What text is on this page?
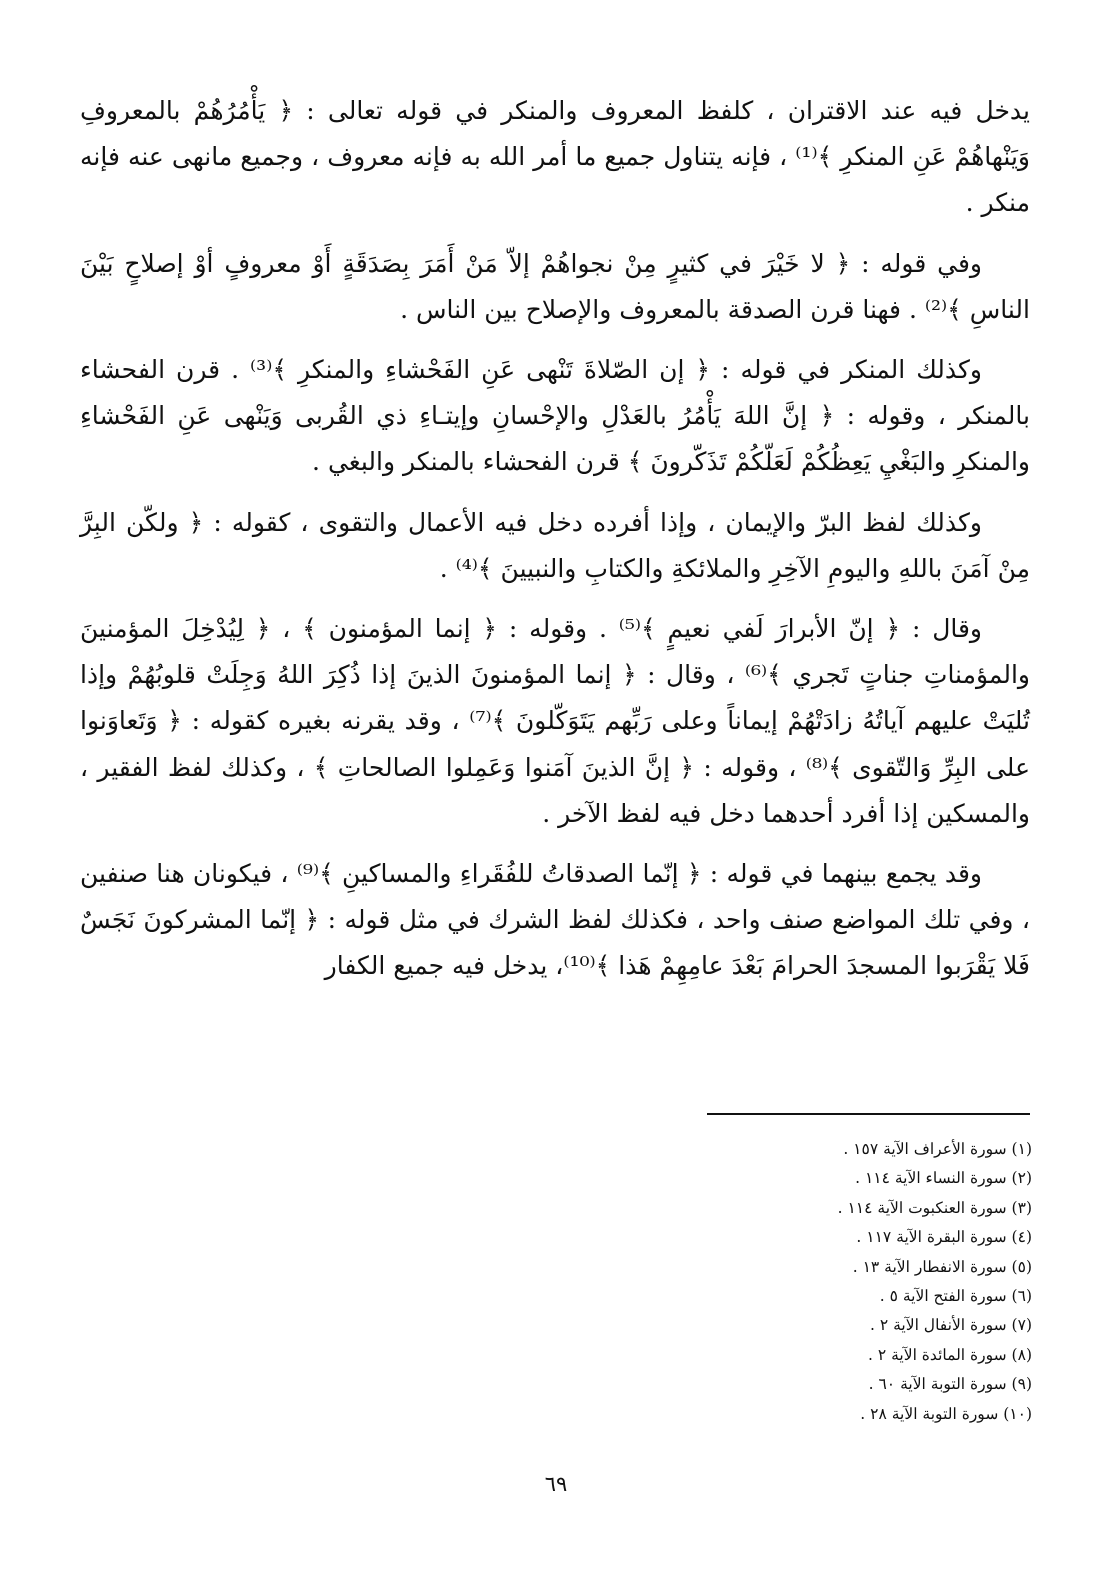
يدخل فيه عند الاقتران ، كلفظ المعروف والمنكر في قوله تعالى : ﴿ يَأْمُرُهُمْ بالمعروفِ وَيَنْهاهُمْ عَنِ المنكرِ ﴾⁽¹⁾ ، فإنه يتناول جميع ما أمر الله به فإنه معروف ، وجميع مانهى عنه فإنه منكر .

وفي قوله : ﴿ لا خَيْرَ في كثيرٍ مِنْ نجواهُمْ إلاّ مَنْ أَمَرَ بِصَدَقَةٍ أَوْ معروفٍ أوْ إصلاحٍ بَيْنَ الناسِ ﴾⁽²⁾ . فهنا قرن الصدقة بالمعروف والإصلاح بين الناس .

وكذلك المنكر في قوله : ﴿ إن الصّلاةَ تَنْهى عَنِ الفَحْشاءِ والمنكرِ ﴾⁽³⁾ . قرن الفحشاء بالمنكر ، وقوله : ﴿ إنَّ اللهَ يَأْمُرُ بالعَدْلِ والإحْسانِ وإيتـاءِ ذي القُربى وَيَنْهى عَنِ الفَحْشاءِ والمنكرِ والبَغْيِ يَعِظُكُمْ لَعَلّكُمْ تَذَكّرونَ ﴾ قرن الفحشاء بالمنكر والبغي .

وكذلك لفظ البرّ والإيمان ، وإذا أفرده دخل فيه الأعمال والتقوى ، كقوله : ﴿ ولكّن البِرَّ مِنْ آمَنَ باللهِ واليومِ الآخِرِ والملائكةِ والكتابِ والنبيينَ ﴾⁽⁴⁾ .

وقال : ﴿ إنّ الأبرارَ لَفي نعيمٍ ﴾⁽⁵⁾ . وقوله : ﴿ إنما المؤمنون ﴾ ، ﴿ لِيُدْخِلَ المؤمنينَ والمؤمناتِ جناتٍ تَجري ﴾⁽⁶⁾ ، وقال : ﴿ إنما المؤمنونَ الذينَ إذا ذُكِرَ اللهُ وَجِلَتْ قلوبُهُمْ وإذا تُليَتْ عليهم آياتُهُ زادَتْهُمْ إيماناً وعلى رَبِّهم يَتَوَكّلونَ ﴾⁽⁷⁾ ، وقد يقرنه بغيره كقوله : ﴿ وَتَعاوَنوا على البِرِّ وَالتّقوى ﴾⁽⁸⁾ ، وقوله : ﴿ إنَّ الذينَ آمَنوا وَعَمِلوا الصالحاتِ ﴾ ، وكذلك لفظ الفقير ، والمسكين إذا أفرد أحدهما دخل فيه لفظ الآخر .

وقد يجمع بينهما في قوله : ﴿ إنّما الصدقاتُ للفُقَراءِ والمساكينِ ﴾⁽⁹⁾ ، فيكونان هنا صنفين ، وفي تلك المواضع صنف واحد ، فكذلك لفظ الشرك في مثل قوله : ﴿ إنّما المشركونَ نَجَسٌ فَلا يَقْرَبوا المسجدَ الحرامَ بَعْدَ عامِهِمْ هَذا ﴾⁽¹⁰⁾، يدخل فيه جميع الكفار

(١) سورة الأعراف الآية ١٥٧ .
(٢) سورة النساء الآية ١١٤ .
(٣) سورة العنكبوت الآية ١١٤ .
(٤) سورة البقرة الآية ١١٧ .
(٥) سورة الانفطار الآية ١٣ .
(٦) سورة الفتح الآية ٥ .
(٧) سورة الأنفال الآية ٢ .
(٨) سورة المائدة الآية ٢ .
(٩) سورة التوبة الآية ٦٠ .
(١٠) سورة التوبة الآية ٢٨ .
٦٩
